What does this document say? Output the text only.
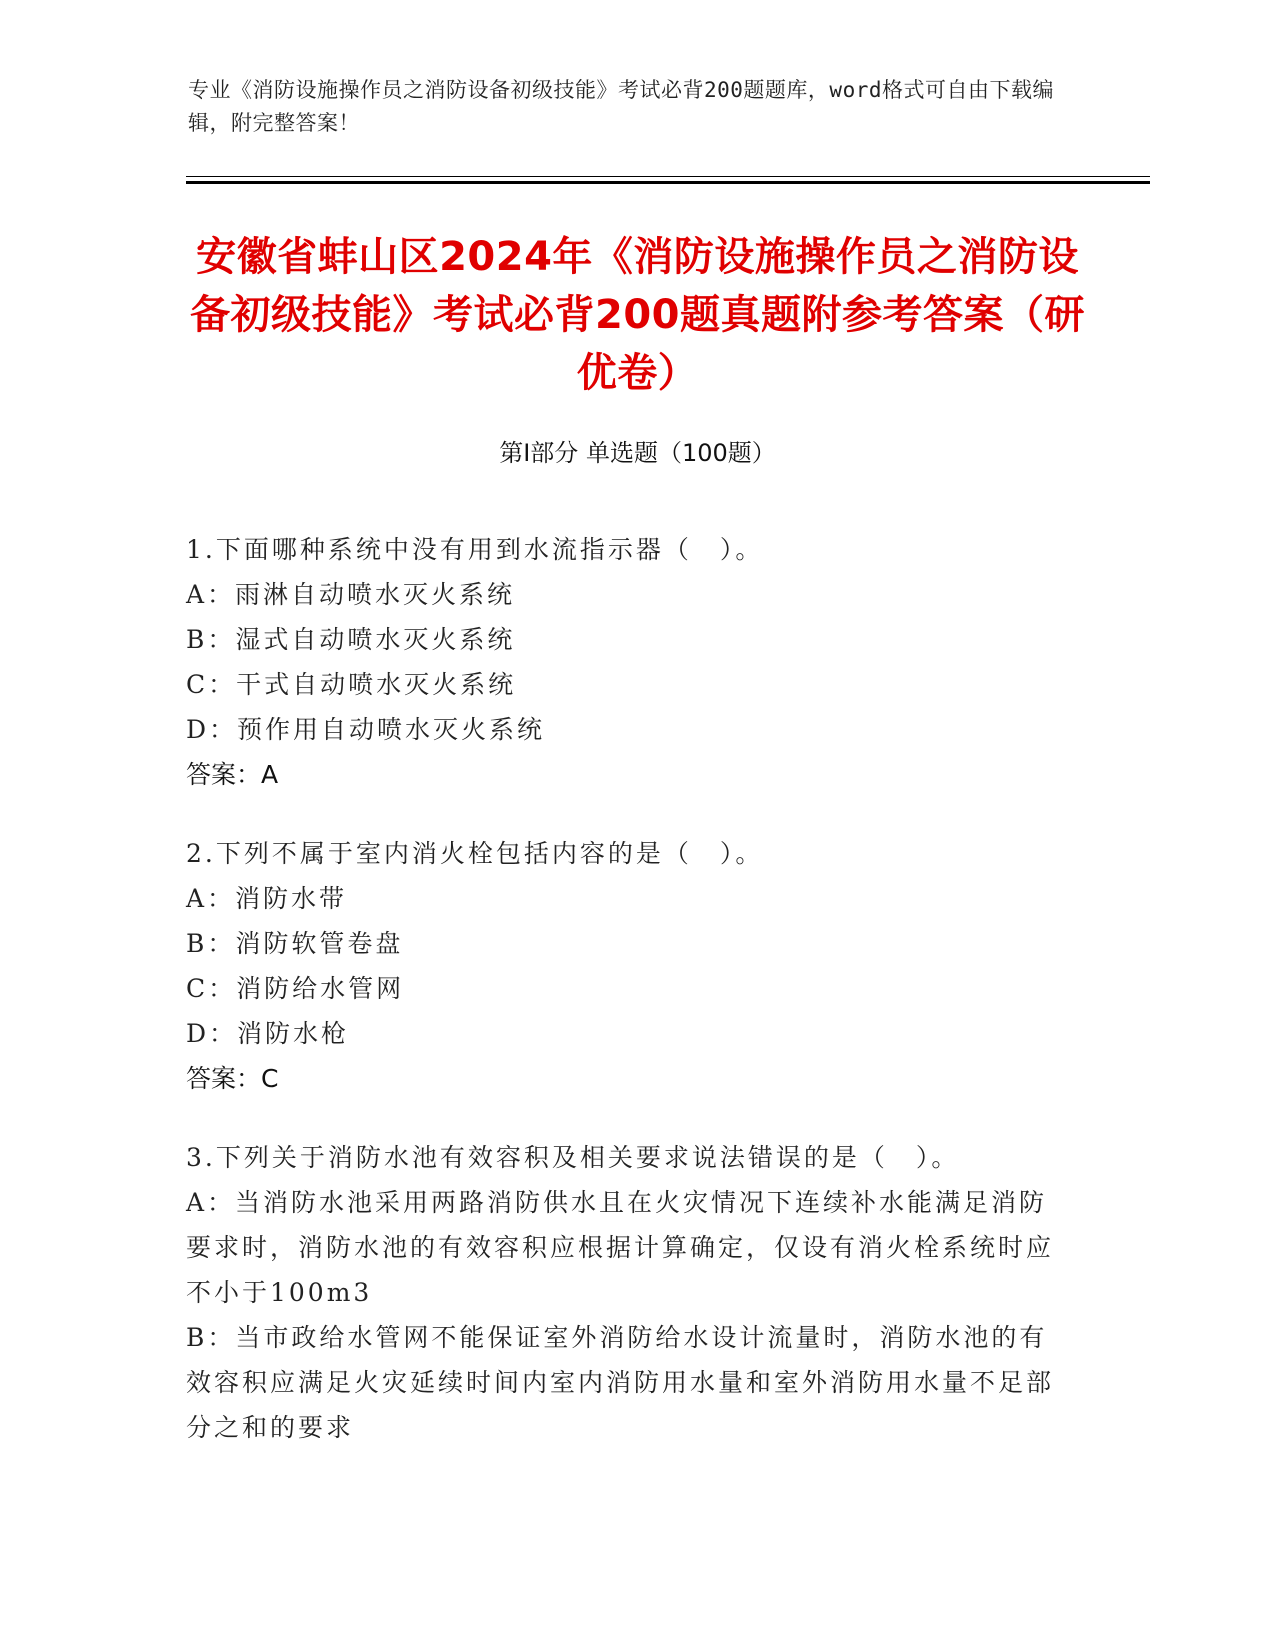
专业《消防设施操作员之消防设备初级技能》考试必背200题题库，word格式可自由下载编辑，附完整答案！
安徽省蚌山区2024年《消防设施操作员之消防设备初级技能》考试必背200题真题附参考答案（研优卷）
第I部分 单选题（100题）

1.下面哪种系统中没有用到水流指示器（　）。

A：雨淋自动喷水灭火系统

B：湿式自动喷水灭火系统

C：干式自动喷水灭火系统

D：预作用自动喷水灭火系统

答案：A

2.下列不属于室内消火栓包括内容的是（　）。

A：消防水带

B：消防软管卷盘

C：消防给水管网

D：消防水枪

答案：C

3.下列关于消防水池有效容积及相关要求说法错误的是（　）。

A：当消防水池采用两路消防供水且在火灾情况下连续补水能满足消防要求时，消防水池的有效容积应根据计算确定，仅设有消火栓系统时应不小于100m3

B：当市政给水管网不能保证室外消防给水设计流量时，消防水池的有效容积应满足火灾延续时间内室内消防用水量和室外消防用水量不足部分之和的要求
